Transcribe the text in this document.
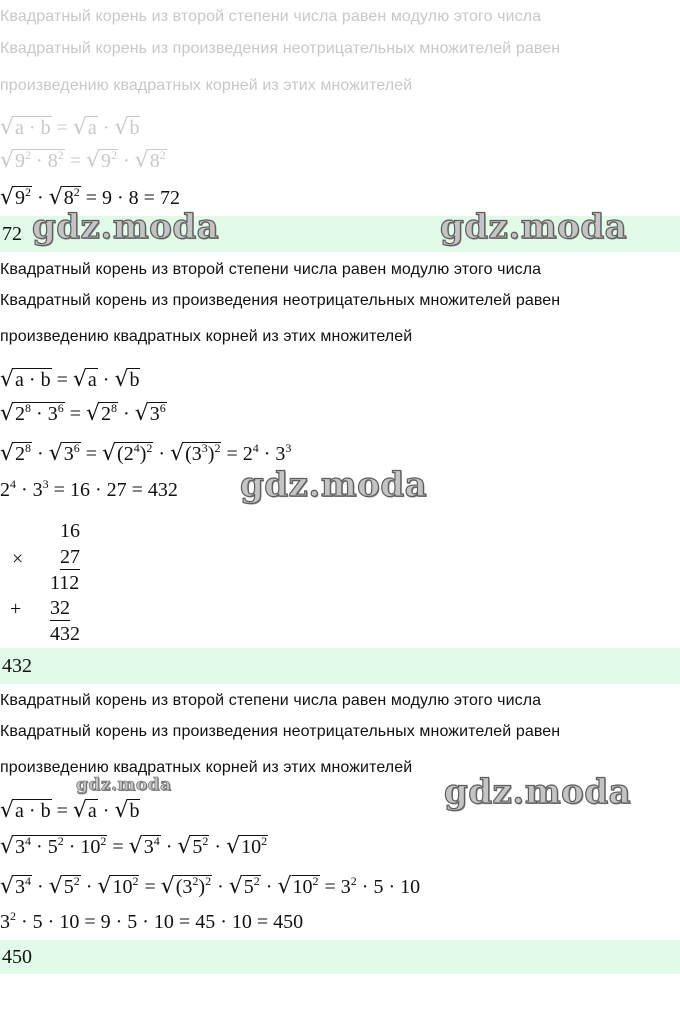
Квадратный корень из второй степени числа равен модулю этого числа
Квадратный корень из произведения неотрицательных множителей равен
произведению квадратных корней из этих множителей
√a · b = √a · √b
$√9^2 \cdot 8^2 = √9^2 \cdot √8^2$
$√9^2 \cdot √8^2 = 9 \cdot 8 = 72$
72 gdz.moda	gdz.moda
Квадратный корень из второй степени числа равен модулю этого числа
Квадратный корень из произведения неотрицательных множителей равен
произведению квадратных корней из этих множителей
√a · b = √a · √b
$√2^8 \cdot 3^6 = √2^8 \cdot √3^6$
$√2^8 \cdot √3^6 = √(2^4)^2 \cdot √(3^3)^2 = 2^4 \cdot 3^3$
$2^4 \cdot 3^3 = 16 \cdot 27 = 432$ gdz.moda
16
× 27
112
+ 32
432
432
Квадратный корень из второй степени числа равен модулю этого числа
Квадратный корень из произведения неотрицательных множителей равен
произведению квадратных корней из этих множителей
gdz.moda	gdz.moda
√a · b = √a · √b
$√3^4 \cdot 5^2 \cdot 10^2 = √3^4 \cdot √5^2 \cdot √10^2$
$√3^4 \cdot √5^2 \cdot √10^2 = √(3^2)^2 \cdot √5^2 \cdot √10^2 = 3^2 \cdot 5 \cdot 10$
$3^2 \cdot 5 \cdot 10 = 9 \cdot 5 \cdot 10 = 45 \cdot 10 = 450$
450
